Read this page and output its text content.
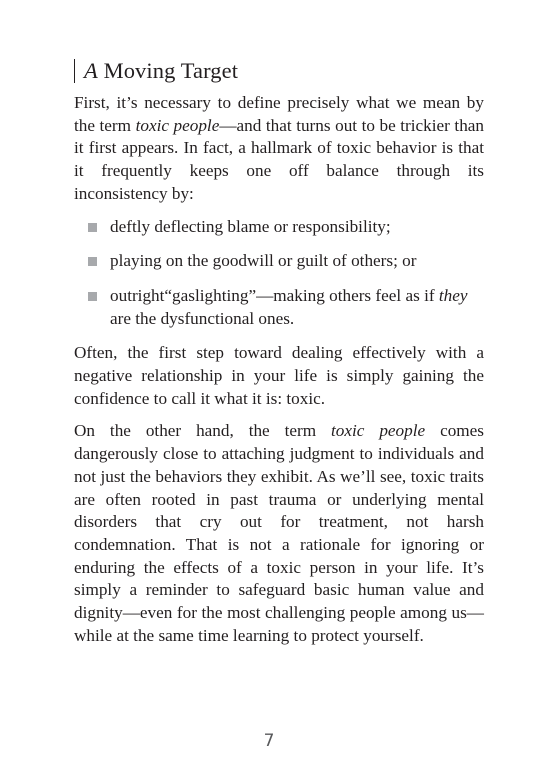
A Moving Target

First, it’s necessary to define precisely what we mean by the term toxic people—and that turns out to be trickier than it first appears. In fact, a hallmark of toxic behavior is that it frequently keeps one off balance through its inconsistency by:

deftly deflecting blame or responsibility;
playing on the goodwill or guilt of others; or
outright“gaslighting”—making others feel as if they are the dysfunctional ones.

Often, the first step toward dealing effectively with a negative relationship in your life is simply gaining the confidence to call it what it is: toxic.

On the other hand, the term toxic people comes dangerously close to attaching judgment to individuals and not just the behaviors they exhibit. As we’ll see, toxic traits are often rooted in past trauma or underlying mental disorders that cry out for treatment, not harsh condemnation. That is not a rationale for ignoring or enduring the effects of a toxic person in your life. It’s simply a reminder to safeguard basic human value and dignity—even for the most challenging people among us—while at the same time learning to protect yourself.

7
